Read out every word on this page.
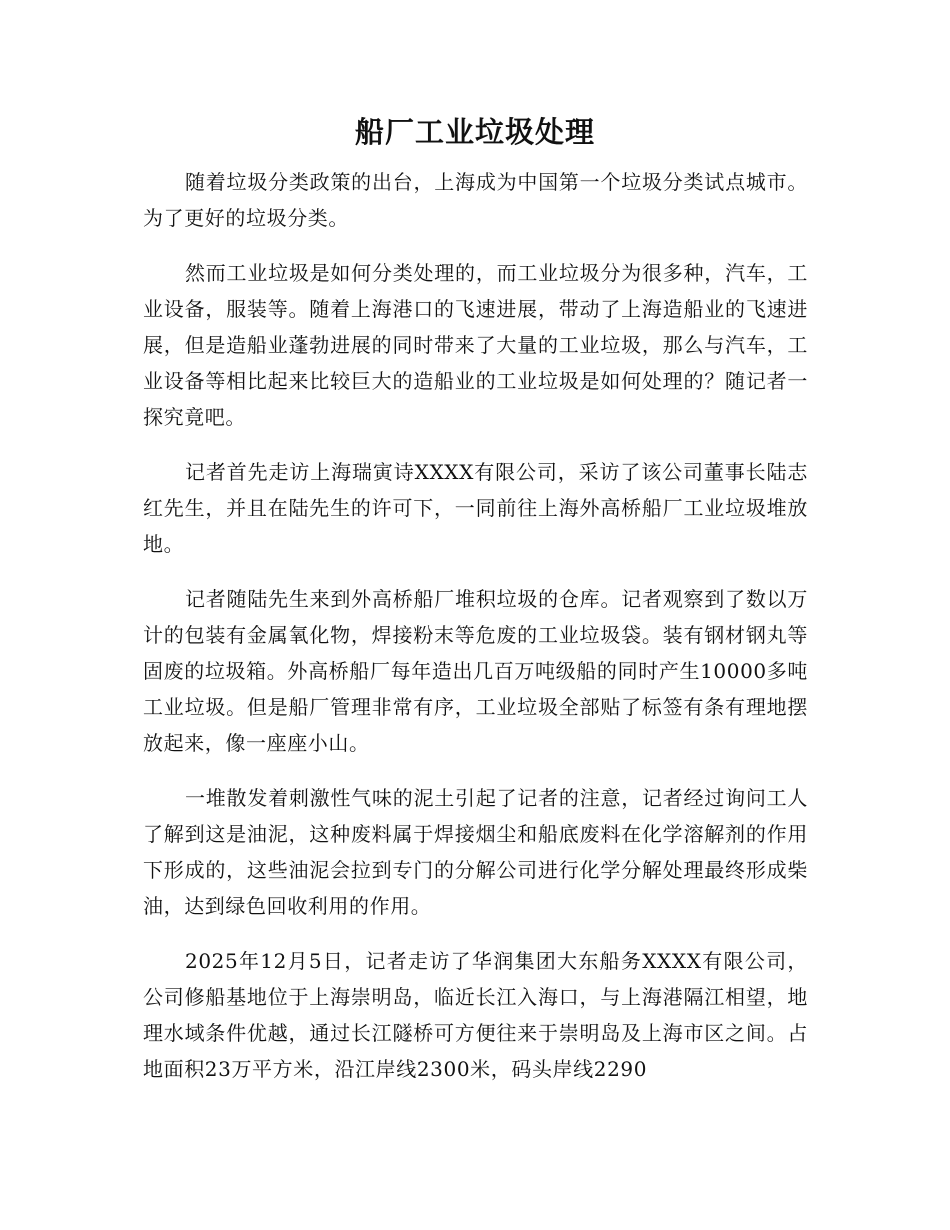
船厂工业垃圾处理

随着垃圾分类政策的出台，上海成为中国第一个垃圾分类试点城市。为了更好的垃圾分类。

然而工业垃圾是如何分类处理的，而工业垃圾分为很多种，汽车，工业设备，服装等。随着上海港口的飞速进展，带动了上海造船业的飞速进展，但是造船业蓬勃进展的同时带来了大量的工业垃圾，那么与汽车，工业设备等相比起来比较巨大的造船业的工业垃圾是如何处理的？随记者一探究竟吧。

记者首先走访上海瑞寅诗XXXX有限公司，采访了该公司董事长陆志红先生，并且在陆先生的许可下，一同前往上海外高桥船厂工业垃圾堆放地。

记者随陆先生来到外高桥船厂堆积垃圾的仓库。记者观察到了数以万计的包装有金属氧化物，焊接粉末等危废的工业垃圾袋。装有钢材钢丸等固废的垃圾箱。外高桥船厂每年造出几百万吨级船的同时产生10000多吨工业垃圾。但是船厂管理非常有序，工业垃圾全部贴了标签有条有理地摆放起来，像一座座小山。

一堆散发着刺激性气味的泥土引起了记者的注意，记者经过询问工人了解到这是油泥，这种废料属于焊接烟尘和船底废料在化学溶解剂的作用下形成的，这些油泥会拉到专门的分解公司进行化学分解处理最终形成柴油，达到绿色回收利用的作用。

2025年12月5日，记者走访了华润集团大东船务XXXX有限公司，公司修船基地位于上海崇明岛，临近长江入海口，与上海港隔江相望，地理水域条件优越，通过长江隧桥可方便往来于崇明岛及上海市区之间。占地面积23万平方米，沿江岸线2300米，码头岸线2290
